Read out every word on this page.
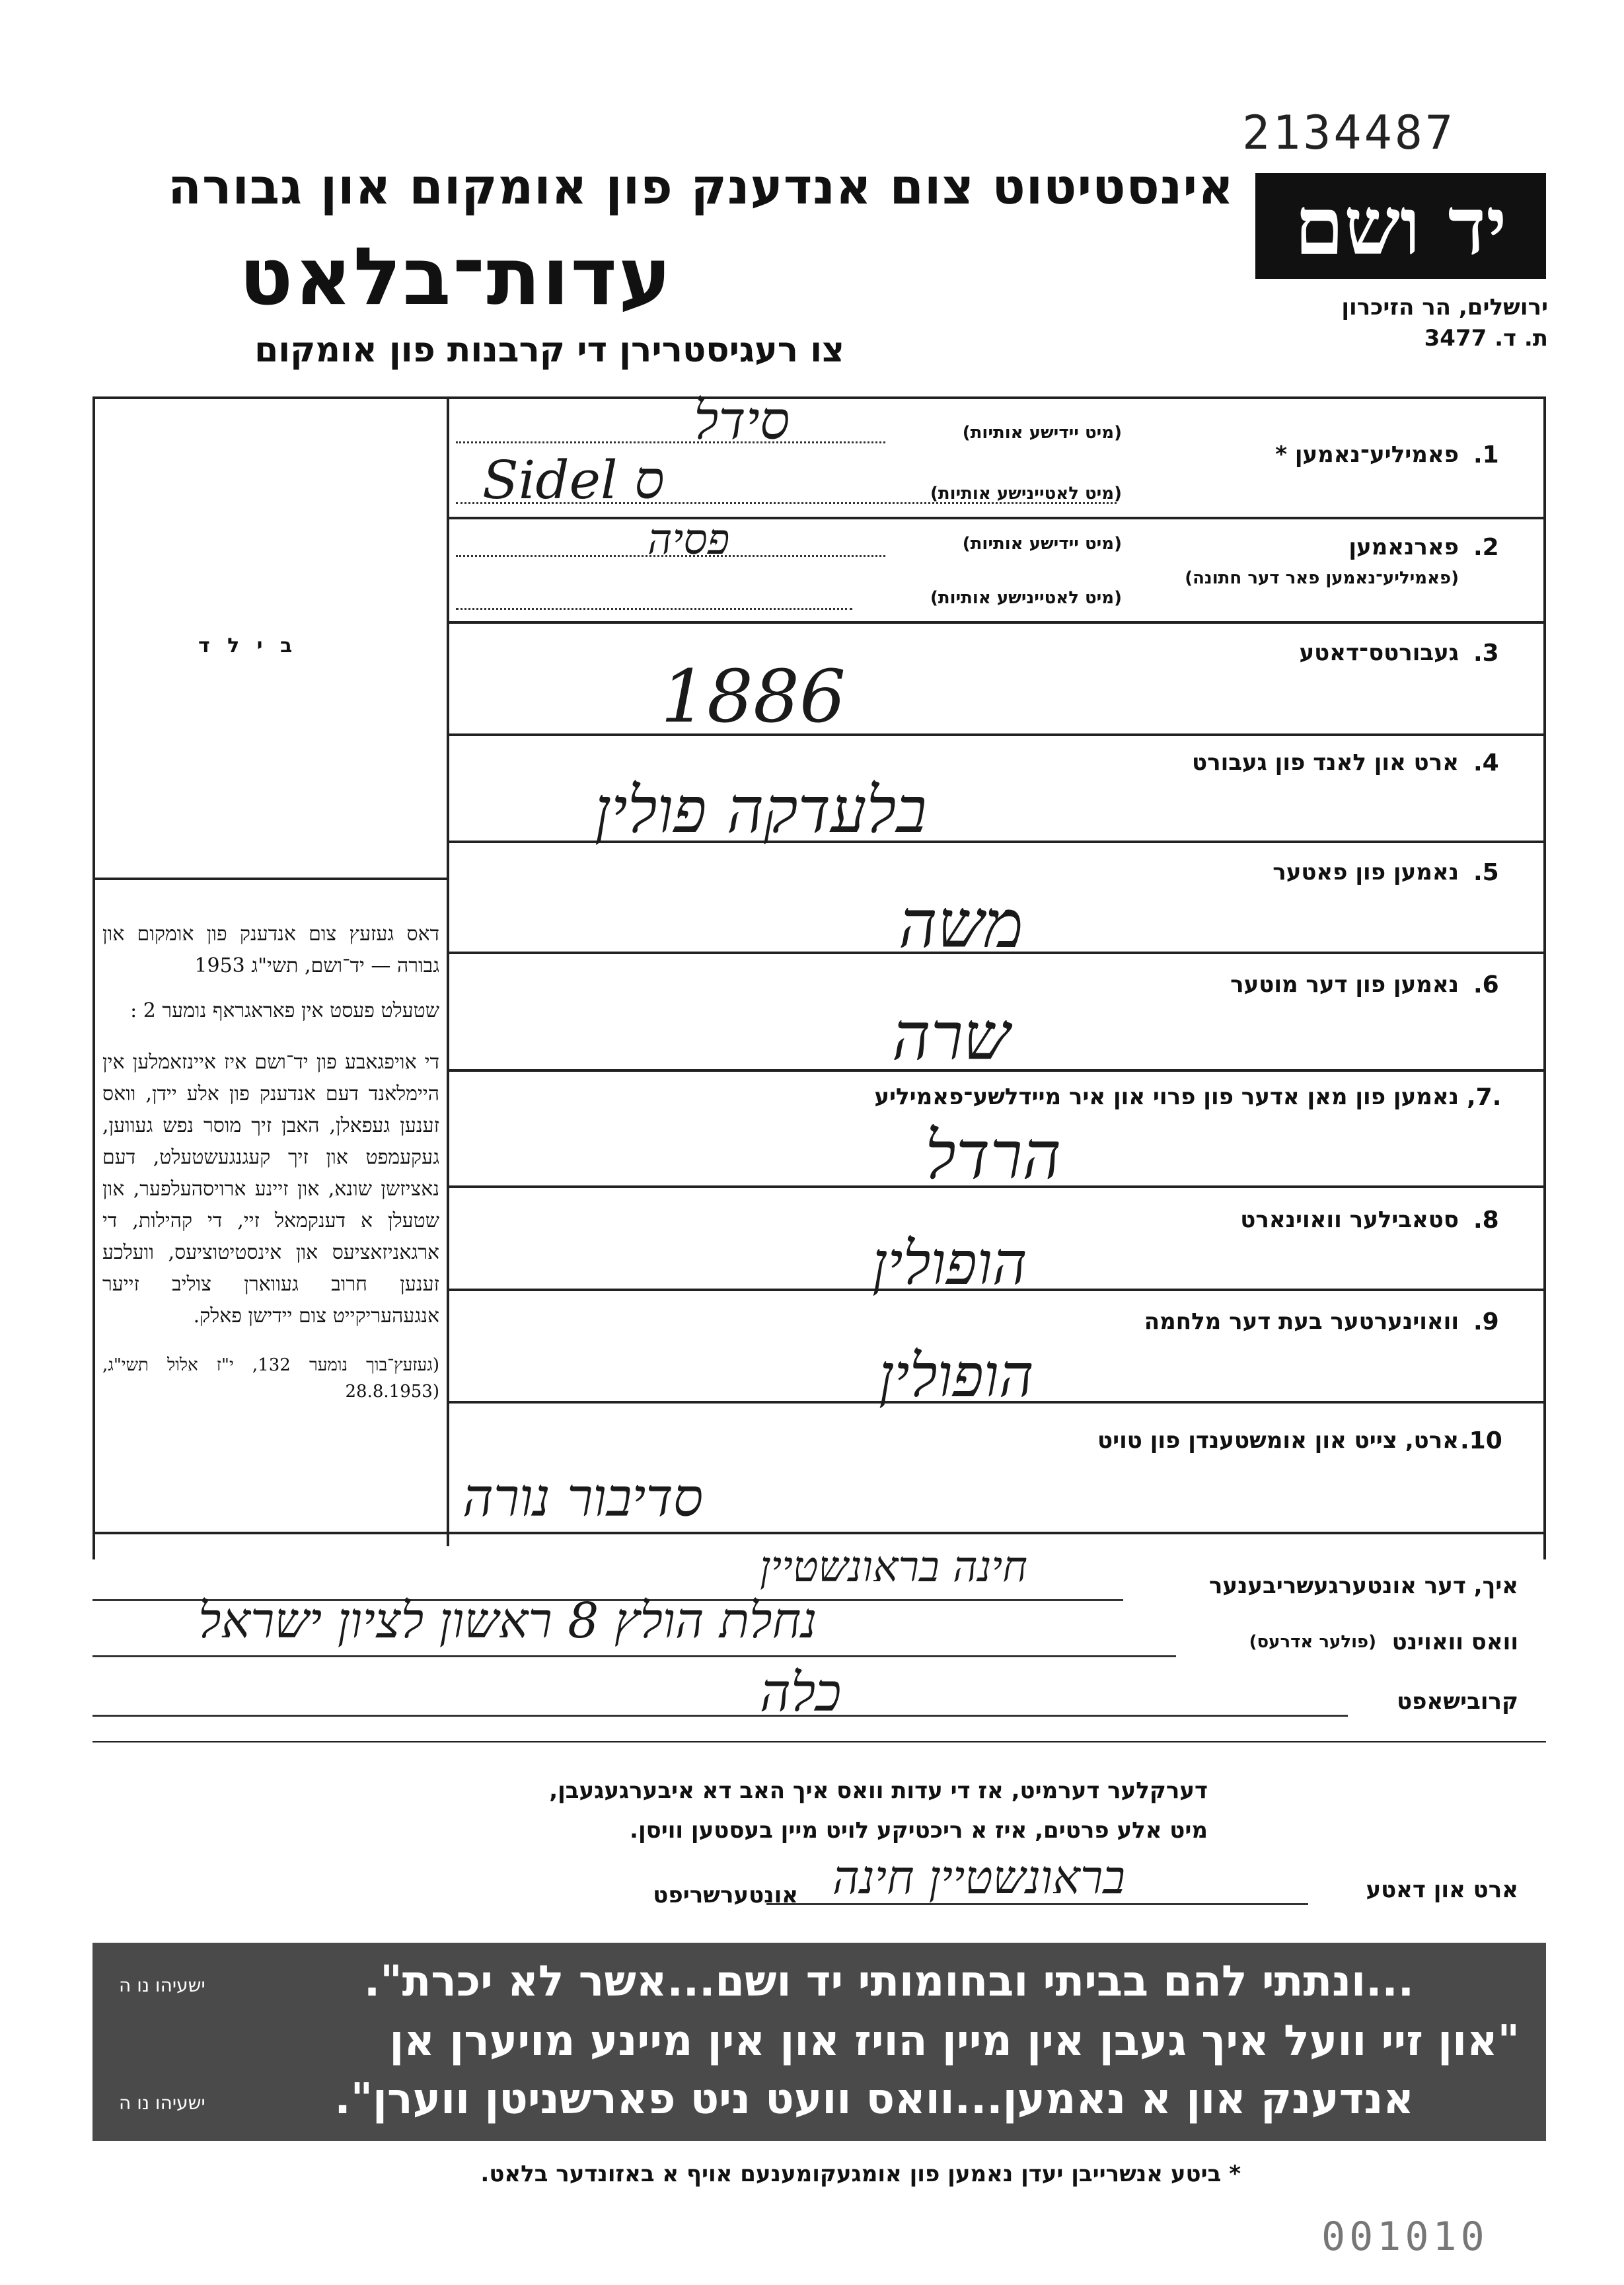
2134487
אינסטיטוט צום אנדענק פון אומקום און גבורה
עדות־בלאט
צו רעגיסטרירן די קרבנות פון אומקום
יד ושם
ירושלים, הר הזיכרון
ת. ד. 3477
ב י ל ד
דאס געזעץ צום אנדענק פון אומקום און גבורה — יד־ושם, תשי"ג 1953
שטעלט פעסט אין פאראגראף נומער 2 :
די אויפגאבע פון יד־ושם איז איינזאמלען אין היימלאנד דעם אנדענק פון אלע יידן, וואס זענען געפאלן, האבן זיך מוסר נפש געווען, געקעמפט און זיך קעגנגעשטעלט, דעם נאציזשן שונא, און זיינע ארויסהעלפער, און שטעלן א דענקמאל זיי, די קהילות, די ארגאניזאציעס און אינסטיטוציעס, וועלכע זענען חרוב געווארן צוליב זייער אנגעהעריקייט צום יידישן פאלק.
(געזעץ־בוך נומער 132, י"ז אלול תשי"ג, (28.8.1953
.1
פאמיליע־נאמען *
(מיט יידישע אותיות)
(מיט לאטיינישע אותיות)
סידל
Sidel ס
.2
פארנאמען
(פאמיליע־נאמען פאר דער חתונה)
(מיט יידישע אותיות)
(מיט לאטיינישע אותיות)
פסיה
.3
געבורטס־דאטע
1886
.4
ארט און לאנד פון געבורט
בלעדקה פולין
.5
נאמען פון פאטער
משה
.6
נאמען פון דער מוטער
שרה
,7.
נאמען פון מאן אדער פון פרוי און איר מיידלשע־פאמיליע
הרדל
.8
סטאבילער וואוינארט
הופולין
.9
וואוינערטער בעת דער מלחמה
הופולין
.10
ארט, צייט און אומשטענדן פון טויט
סדיבור נורה
איך, דער אונטערגעשריבענער
חינה בראונשטיין
וואס וואוינט
(פולער אדרעס)
נחלת הולץ 8 ראשון לציון ישראל
קרובישאפט
כלה
דערקלער דערמיט, אז די עדות וואס איך האב דא איבערגעגעבן,
מיט אלע פרטים, איז א ריכטיקע לויט מיין בעסטען וויסן.
ארט און דאטע
אונטערשריפט בראונשטיין חינה
...ונתתי להם בביתי ובחומותי יד ושם...אשר לא יכרת".
ישעיהו נו ה
"און זיי וועל איך געבן אין מיין הויז און אין מיינע מויערן אן
אנדענק און א נאמען...וואס וועט ניט פארשניטן ווערן".
ישעיהו נו ה
* ביטע אנשרייבן יעדן נאמען פון אומגעקומענעם אויף א באזונדער בלאט.
001010
